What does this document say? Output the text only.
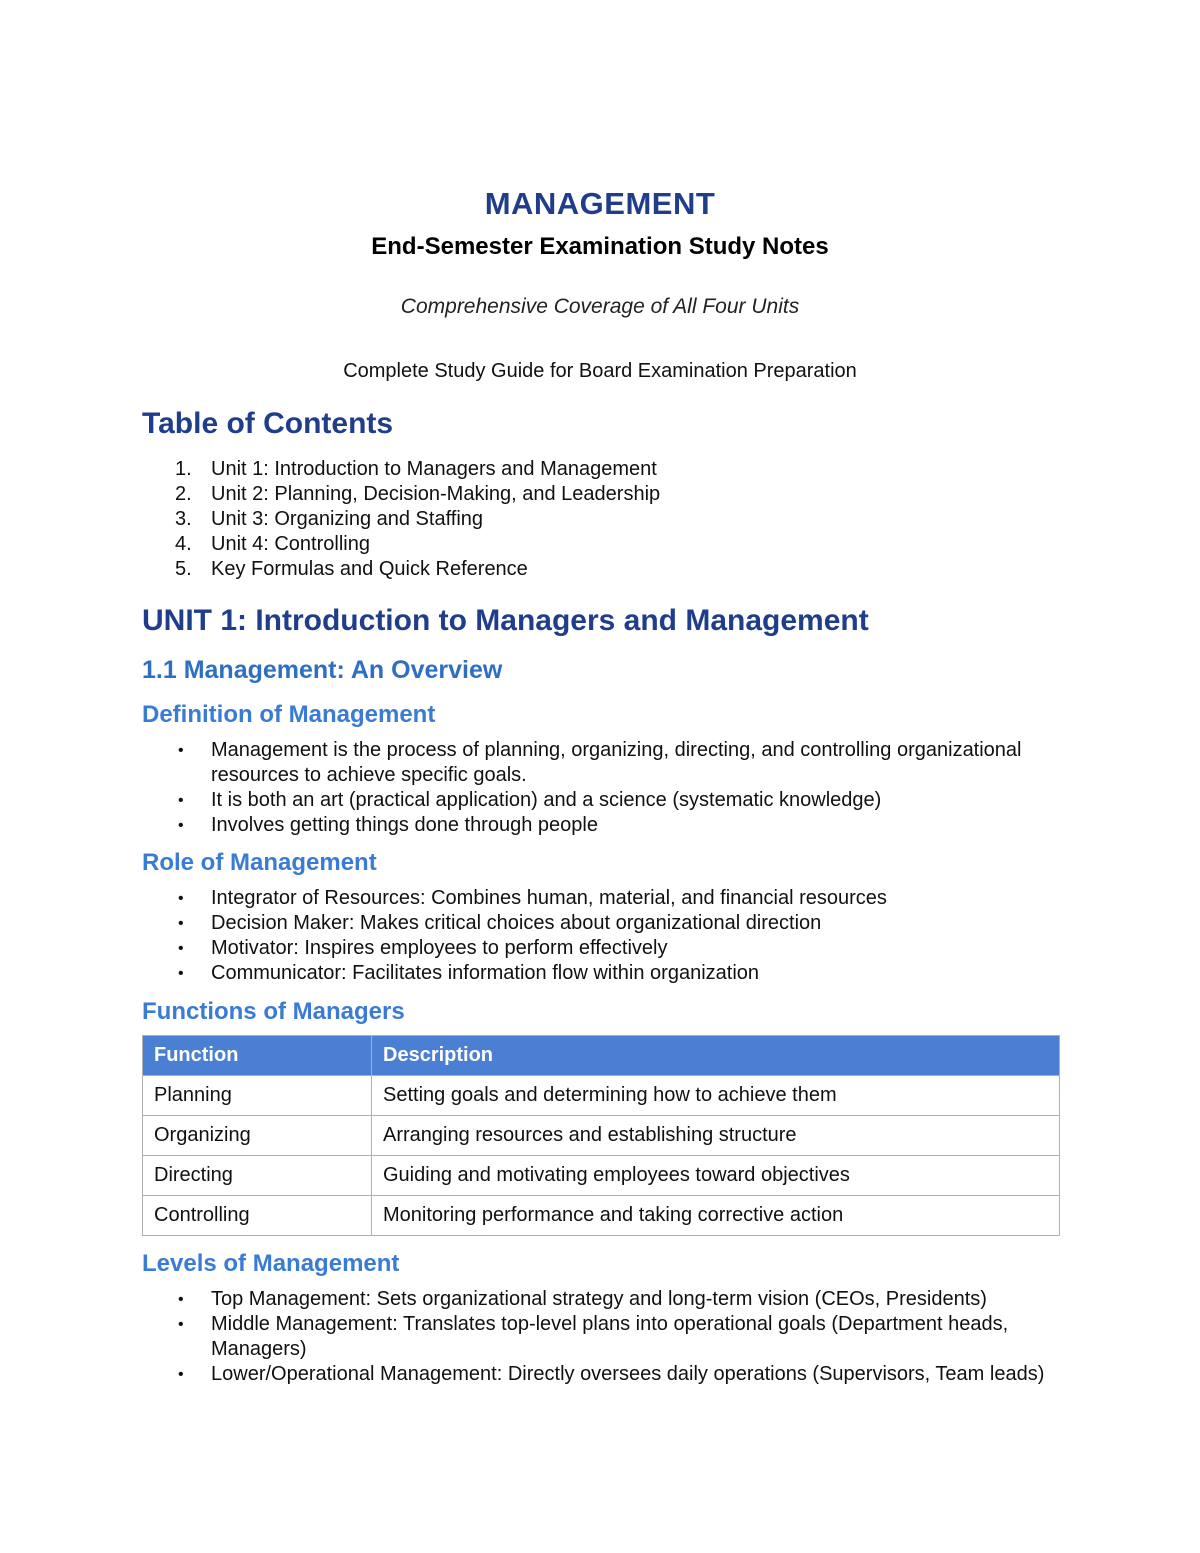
MANAGEMENT
End-Semester Examination Study Notes

Comprehensive Coverage of All Four Units

Complete Study Guide for Board Examination Preparation

Table of Contents
1. Unit 1: Introduction to Managers and Management
2. Unit 2: Planning, Decision-Making, and Leadership
3. Unit 3: Organizing and Staffing
4. Unit 4: Controlling
5. Key Formulas and Quick Reference
UNIT 1: Introduction to Managers and Management
1.1 Management: An Overview
Definition of Management
• Management is the process of planning, organizing, directing, and controlling organizational resources to achieve specific goals.
• It is both an art (practical application) and a science (systematic knowledge)
• Involves getting things done through people
Role of Management
• Integrator of Resources: Combines human, material, and financial resources
• Decision Maker: Makes critical choices about organizational direction
• Motivator: Inspires employees to perform effectively
• Communicator: Facilitates information flow within organization
Functions of Managers
Function	Description
Planning	Setting goals and determining how to achieve them
Organizing	Arranging resources and establishing structure
Directing	Guiding and motivating employees toward objectives
Controlling	Monitoring performance and taking corrective action
Levels of Management
• Top Management: Sets organizational strategy and long-term vision (CEOs, Presidents)
• Middle Management: Translates top-level plans into operational goals (Department heads, Managers)
• Lower/Operational Management: Directly oversees daily operations (Supervisors, Team leads)
